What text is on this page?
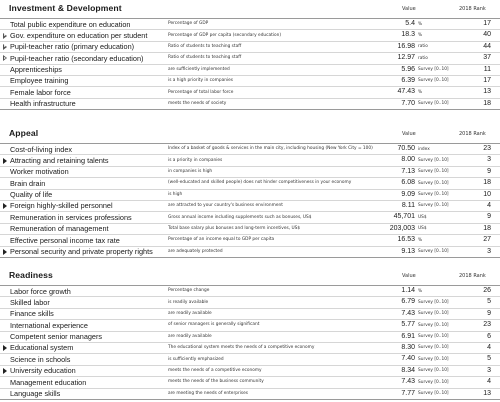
Investment & Development	Value	2018 Rank
Total public expenditure on education	Percentage of GDP	5.4 %	17
Gov. expenditure on education per student	Percentage of GDP per capita (secondary education)	18.3 %	40
Pupil-teacher ratio (primary education)	Ratio of students to teaching staff	16.98 ratio	44
Pupil-teacher ratio (secondary education)	Ratio of students to teaching staff	12.97 ratio	37
Apprenticeships	are sufficiently implemented	5.96 Survey [0..10]	11
Employee training	is a high priority in companies	6.39 Survey [0..10]	17
Female labor force	Percentage of total labor force	47.43 %	13
Health infrastructure	meets the needs of society	7.70 Survey [0..10]	18
Appeal	Value	2018 Rank
Cost-of-living index	Index of a basket of goods & services in the main city, including housing (New York City = 100)	70.50 index	23
Attracting and retaining talents	is a priority in companies	8.00 Survey [0..10]	3
Worker motivation	in companies is high	7.13 Survey [0..10]	9
Brain drain	(well-educated and skilled people) does not hinder competitiveness in your economy	6.08 Survey [0..10]	18
Quality of life	is high	9.09 Survey [0..10]	10
Foreign highly-skilled personnel	are attracted to your country's business environment	8.11 Survey [0..10]	4
Remuneration in services professions	Gross annual income including supplements such as bonuses, US$	45,701 US$	9
Remuneration of management	Total base salary plus bonuses and long-term incentives, US$	203,003 US$	18
Effective personal income tax rate	Percentage of an income equal to GDP per capita	16.53 %	27
Personal security and private property rights	are adequately protected	9.13 Survey [0..10]	3
Readiness	Value	2018 Rank
Labor force growth	Percentage change	1.14 %	26
Skilled labor	is readily available	6.79 Survey [0..10]	5
Finance skills	are readily available	7.43 Survey [0..10]	9
International experience	of senior managers is generally significant	5.77 Survey [0..10]	23
Competent senior managers	are readily available	6.91 Survey [0..10]	6
Educational system	The educational system meets the needs of a competitive economy	8.30 Survey [0..10]	4
Science in schools	is sufficiently emphasized	7.40 Survey [0..10]	5
University education	meets the needs of a competitive economy	8.34 Survey [0..10]	3
Management education	meets the needs of the business community	7.43 Survey [0..10]	4
Language skills	are meeting the needs of enterprises	7.77 Survey [0..10]	13
